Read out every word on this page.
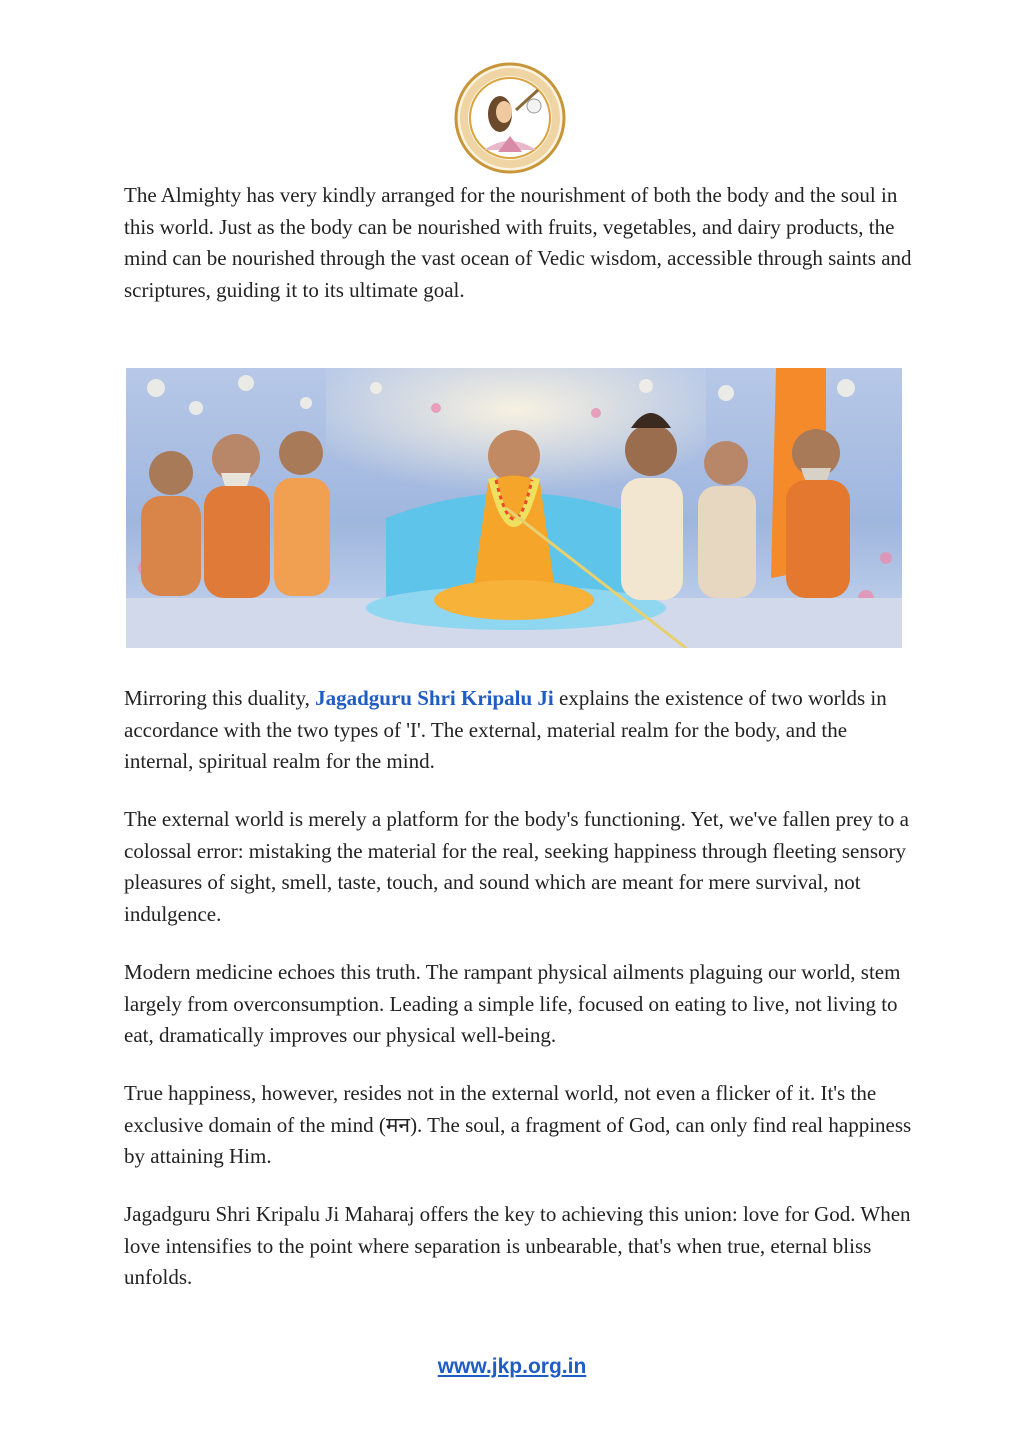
The Almighty has very kindly arranged for the nourishment of both the body and the soul in this world. Just as the body can be nourished with fruits, vegetables, and dairy products, the mind can be nourished through the vast ocean of Vedic wisdom, accessible through saints and scriptures, guiding it to its ultimate goal.

Mirroring this duality, Jagadguru Shri Kripalu Ji explains the existence of two worlds in accordance with the two types of 'I'. The external, material realm for the body, and the internal, spiritual realm for the mind.

The external world is merely a platform for the body's functioning. Yet, we've fallen prey to a colossal error: mistaking the material for the real, seeking happiness through fleeting sensory pleasures of sight, smell, taste, touch, and sound which are meant for mere survival, not indulgence.

Modern medicine echoes this truth. The rampant physical ailments plaguing our world, stem largely from overconsumption. Leading a simple life, focused on eating to live, not living to eat, dramatically improves our physical well-being.

True happiness, however, resides not in the external world, not even a flicker of it. It's the exclusive domain of the mind (मन). The soul, a fragment of God, can only find real happiness by attaining Him.

Jagadguru Shri Kripalu Ji Maharaj offers the key to achieving this union: love for God. When love intensifies to the point where separation is unbearable, that's when true, eternal bliss unfolds.

www.jkp.org.in
